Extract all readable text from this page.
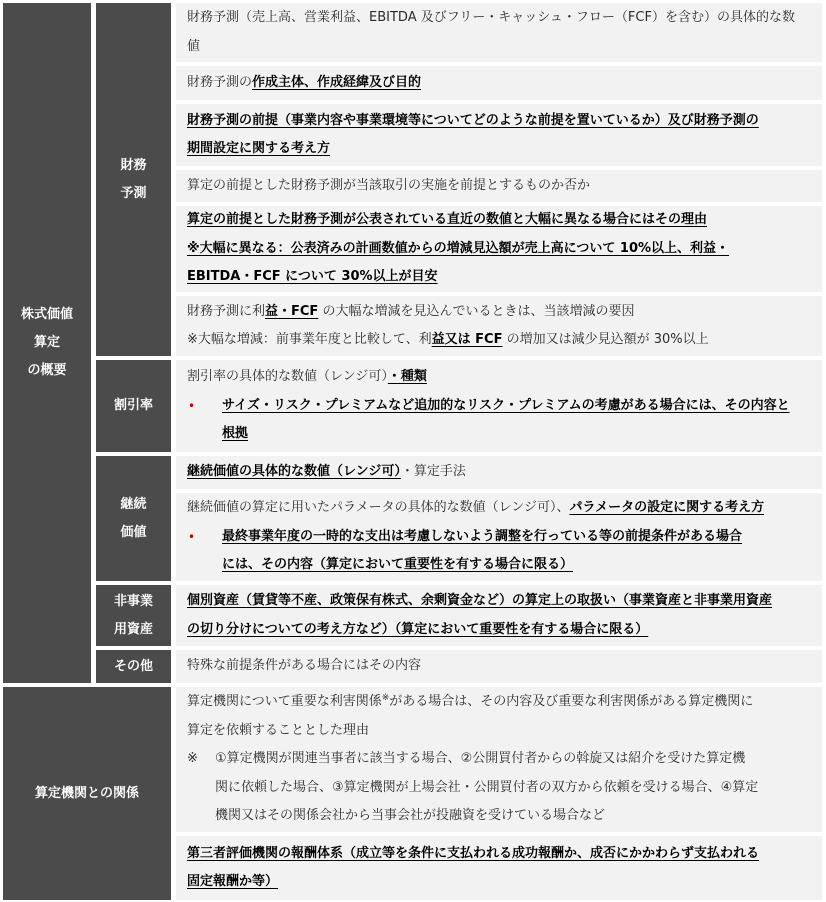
株式価値
算定
の概要
算定機関との関係
財務
予測
割引率
継続
価値
非事業
用資産
その他
財務予測（売上高、営業利益、EBITDA 及びフリー・キャッシュ・フロー（FCF）を含む）の具体的な数
値
財務予測の作成主体、作成経緯及び目的
財務予測の前提（事業内容や事業環境等についてどのような前提を置いているか）及び財務予測の
期間設定に関する考え方
算定の前提とした財務予測が当該取引の実施を前提とするものか否か
算定の前提とした財務予測が公表されている直近の数値と大幅に異なる場合にはその理由
※大幅に異なる：公表済みの計画数値からの増減見込額が売上高について 10%以上、利益・
EBITDA・FCF について 30%以上が目安
財務予測に利益・FCF の大幅な増減を見込んでいるときは、当該増減の要因
※大幅な増減：前事業年度と比較して、利益又は FCF の増加又は減少見込額が 30%以上
割引率の具体的な数値（レンジ可）・種類
• サイズ・リスク・プレミアムなど追加的なリスク・プレミアムの考慮がある場合には、その内容と
根拠
継続価値の具体的な数値（レンジ可）・算定手法
継続価値の算定に用いたパラメータの具体的な数値（レンジ可）、パラメータの設定に関する考え方
• 最終事業年度の一時的な支出は考慮しないよう調整を行っている等の前提条件がある場合
には、その内容（算定において重要性を有する場合に限る）
個別資産（賃貸等不産、政策保有株式、余剰資金など）の算定上の取扱い（事業資産と非事業用資産
の切り分けについての考え方など）（算定において重要性を有する場合に限る）
特殊な前提条件がある場合にはその内容
算定機関について重要な利害関係※がある場合は、その内容及び重要な利害関係がある算定機関に
算定を依頼することとした理由
※ ①算定機関が関連当事者に該当する場合、②公開買付者からの斡旋又は紹介を受けた算定機
関に依頼した場合、③算定機関が上場会社・公開買付者の双方から依頼を受ける場合、④算定
機関又はその関係会社から当事会社が投融資を受けている場合など
第三者評価機関の報酬体系（成立等を条件に支払われる成功報酬か、成否にかかわらず支払われる
固定報酬か等）
